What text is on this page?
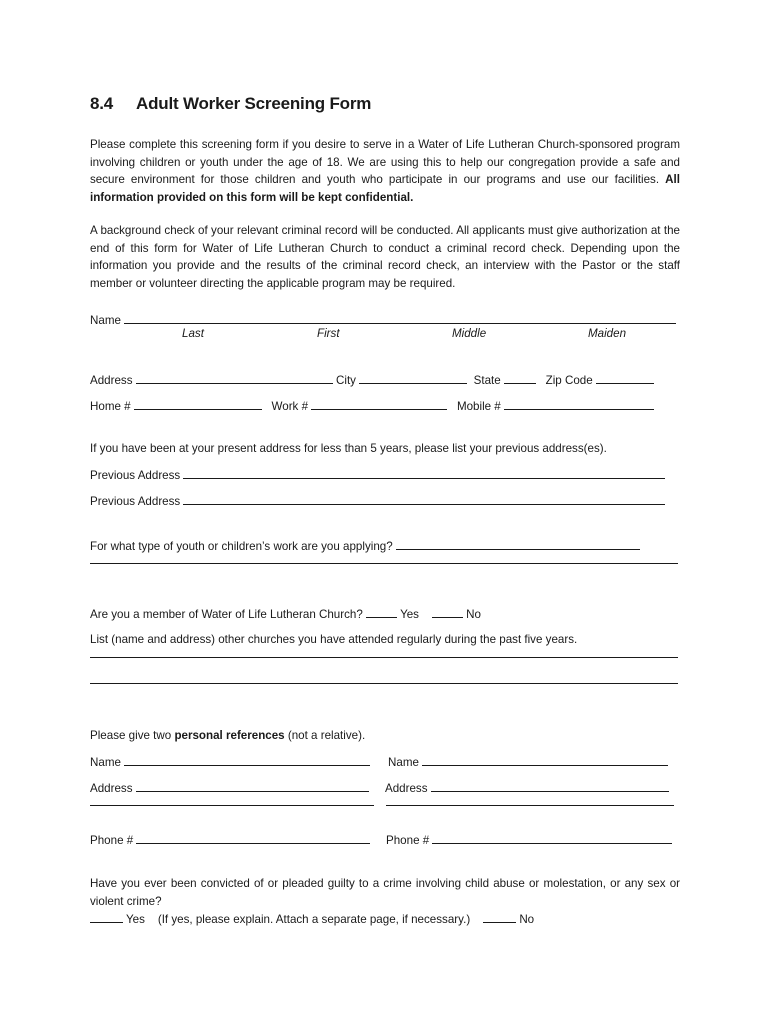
8.4 Adult Worker Screening Form
Please complete this screening form if you desire to serve in a Water of Life Lutheran Church-sponsored program involving children or youth under the age of 18. We are using this to help our congregation provide a safe and secure environment for those children and youth who participate in our programs and use our facilities. All information provided on this form will be kept confidential.
A background check of your relevant criminal record will be conducted. All applicants must give authorization at the end of this form for Water of Life Lutheran Church to conduct a criminal record check. Depending upon the information you provide and the results of the criminal record check, an interview with the Pastor or the staff member or volunteer directing the applicable program may be required.
Name
Last	First	Middle	Maiden
Address	City	State	Zip Code
Home #	Work #	Mobile #
If you have been at your present address for less than 5 years, please list your previous address(es).
Previous Address
Previous Address
For what type of youth or children’s work are you applying?
Are you a member of Water of Life Lutheran Church?	Yes	No
List (name and address) other churches you have attended regularly during the past five years.
Please give two personal references (not a relative).
Name	Name
Address	Address
Phone #	Phone #
Have you ever been convicted of or pleaded guilty to a crime involving child abuse or molestation, or any sex or violent crime?
Yes (If yes, please explain. Attach a separate page, if necessary.)	No
